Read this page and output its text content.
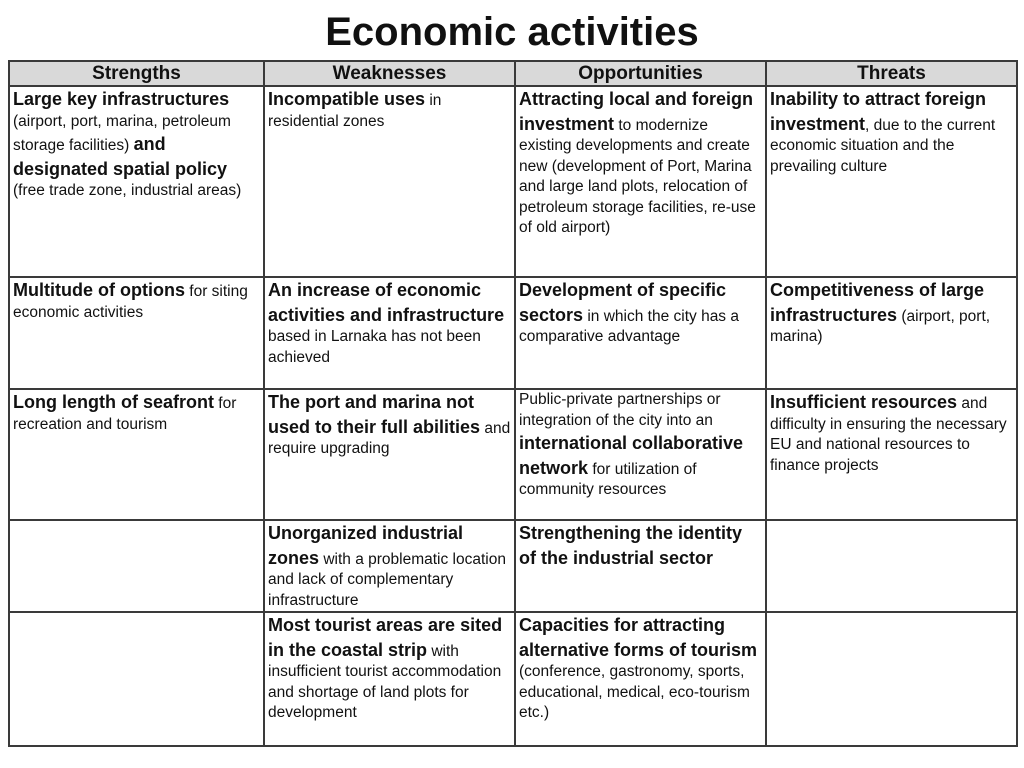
Economic activities
Strengths	Weaknesses	Opportunities	Threats
Large key infrastructures (airport, port, marina, petroleum storage facilities) and designated spatial policy (free trade zone, industrial areas)	Incompatible uses in residential zones	Attracting local and foreign investment to modernize existing developments and create new (development of Port, Marina and large land plots, relocation of petroleum storage facilities, re-use of old airport)	Inability to attract foreign investment, due to the current economic situation and the prevailing culture
Multitude of options for siting economic activities	An increase of economic activities and infrastructure based in Larnaka has not been achieved	Development of specific sectors in which the city has a comparative advantage	Competitiveness of large infrastructures (airport, port, marina)
Long length of seafront for recreation and tourism	The port and marina not used to their full abilities and require upgrading	Public-private partnerships or integration of the city into an international collaborative network for utilization of community resources	Insufficient resources and difficulty in ensuring the necessary EU and national resources to finance projects
	Unorganized industrial zones with a problematic location and lack of complementary infrastructure	Strengthening the identity of the industrial sector	
	Most tourist areas are sited in the coastal strip with insufficient tourist accommodation and shortage of land plots for development	Capacities for attracting alternative forms of tourism (conference, gastronomy, sports, educational, medical, eco-tourism etc.)	
